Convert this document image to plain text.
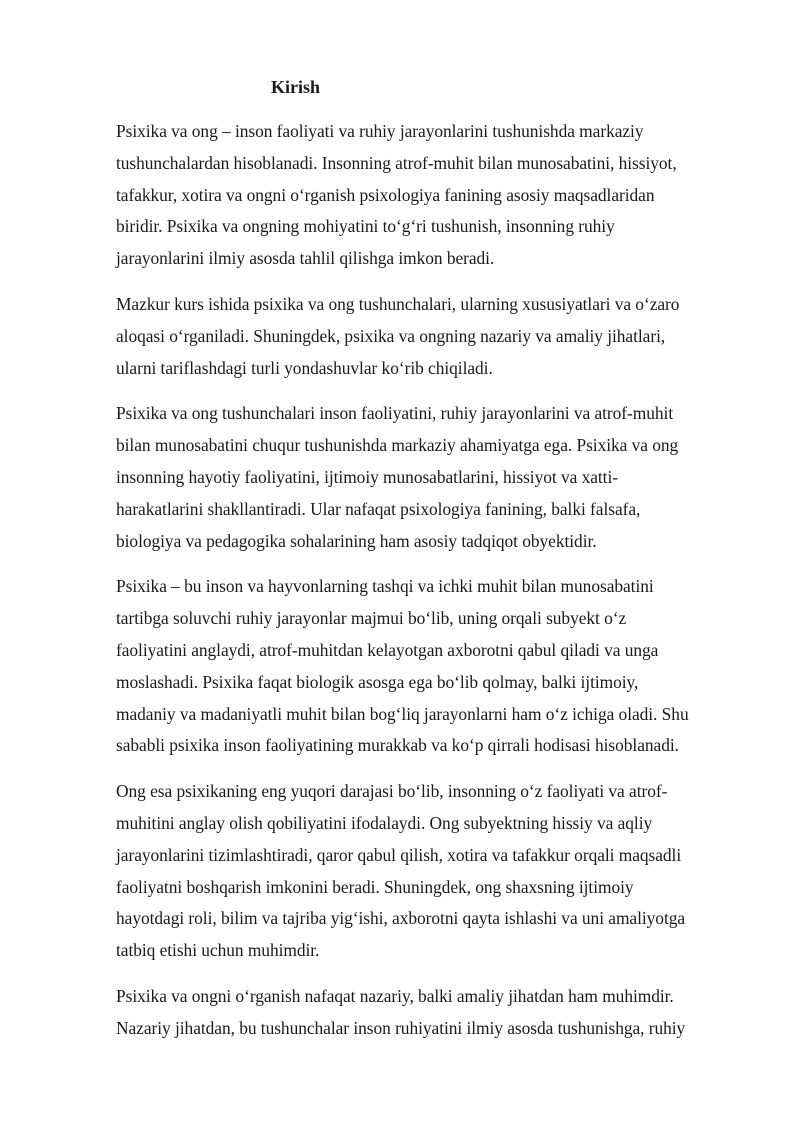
Kirish

Psixika va ong – inson faoliyati va ruhiy jarayonlarini tushunishda markaziy
tushunchalardan hisoblanadi. Insonning atrof-muhit bilan munosabatini, hissiyot,
tafakkur, xotira va ongni o‘rganish psixologiya fanining asosiy maqsadlaridan
biridir. Psixika va ongning mohiyatini to‘g‘ri tushunish, insonning ruhiy
jarayonlarini ilmiy asosda tahlil qilishga imkon beradi.

Mazkur kurs ishida psixika va ong tushunchalari, ularning xususiyatlari va o‘zaro
aloqasi o‘rganiladi. Shuningdek, psixika va ongning nazariy va amaliy jihatlari,
ularni tariflashdagi turli yondashuvlar ko‘rib chiqiladi.

Psixika va ong tushunchalari inson faoliyatini, ruhiy jarayonlarini va atrof-muhit
bilan munosabatini chuqur tushunishda markaziy ahamiyatga ega. Psixika va ong
insonning hayotiy faoliyatini, ijtimoiy munosabatlarini, hissiyot va xatti-
harakatlarini shakllantiradi. Ular nafaqat psixologiya fanining, balki falsafa,
biologiya va pedagogika sohalarining ham asosiy tadqiqot obyektidir.

Psixika – bu inson va hayvonlarning tashqi va ichki muhit bilan munosabatini
tartibga soluvchi ruhiy jarayonlar majmui bo‘lib, uning orqali subyekt o‘z
faoliyatini anglaydi, atrof-muhitdan kelayotgan axborotni qabul qiladi va unga
moslashadi. Psixika faqat biologik asosga ega bo‘lib qolmay, balki ijtimoiy,
madaniy va madaniyatli muhit bilan bog‘liq jarayonlarni ham o‘z ichiga oladi. Shu
sababli psixika inson faoliyatining murakkab va ko‘p qirrali hodisasi hisoblanadi.

Ong esa psixikaning eng yuqori darajasi bo‘lib, insonning o‘z faoliyati va atrof-
muhitini anglay olish qobiliyatini ifodalaydi. Ong subyektning hissiy va aqliy
jarayonlarini tizimlashtiradi, qaror qabul qilish, xotira va tafakkur orqali maqsadli
faoliyatni boshqarish imkonini beradi. Shuningdek, ong shaxsning ijtimoiy
hayotdagi roli, bilim va tajriba yig‘ishi, axborotni qayta ishlashi va uni amaliyotga
tatbiq etishi uchun muhimdir.

Psixika va ongni o‘rganish nafaqat nazariy, balki amaliy jihatdan ham muhimdir.
Nazariy jihatdan, bu tushunchalar inson ruhiyatini ilmiy asosda tushunishga, ruhiy
